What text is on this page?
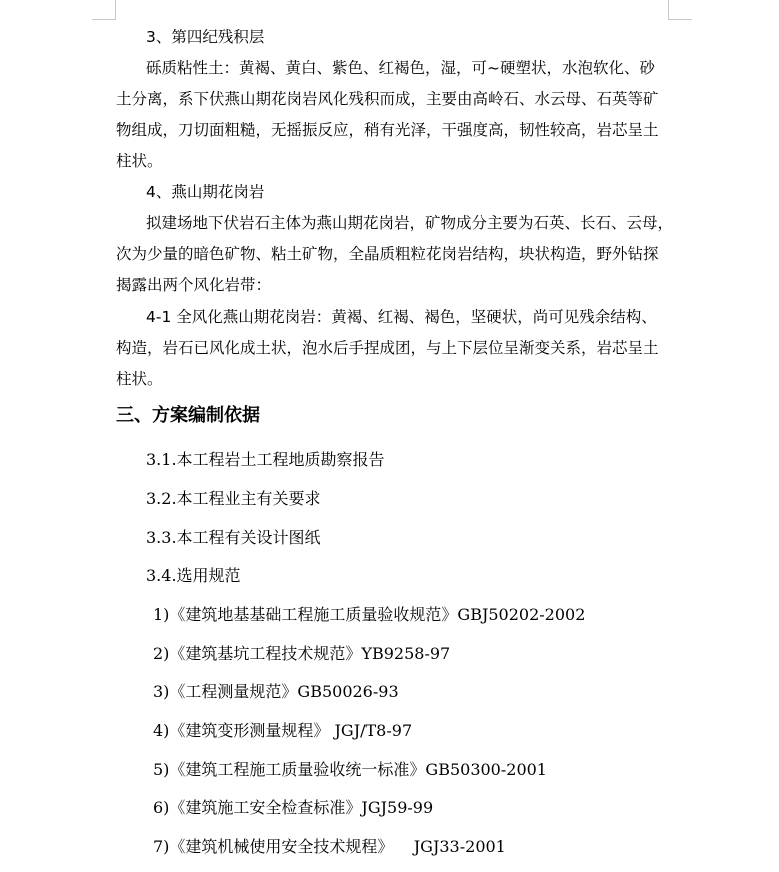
3、第四纪残积层
砾质粘性土：黄褐、黄白、紫色、红褐色，湿，可~硬塑状，水泡软化、砂
土分离，系下伏燕山期花岗岩风化残积而成，主要由高岭石、水云母、石英等矿
物组成，刀切面粗糙，无摇振反应，稍有光泽，干强度高，韧性较高，岩芯呈土
柱状。
4、燕山期花岗岩
拟建场地下伏岩石主体为燕山期花岗岩，矿物成分主要为石英、长石、云母，
次为少量的暗色矿物、粘土矿物，全晶质粗粒花岗岩结构，块状构造，野外钻探
揭露出两个风化岩带：
4-1 全风化燕山期花岗岩：黄褐、红褐、褐色，坚硬状，尚可见残余结构、
构造，岩石已风化成土状，泡水后手捏成团，与上下层位呈渐变关系，岩芯呈土
柱状。
三、方案编制依据
3.1.本工程岩土工程地质勘察报告
3.2.本工程业主有关要求
3.3.本工程有关设计图纸
3.4.选用规范
1)《建筑地基基础工程施工质量验收规范》GBJ50202-2002
2)《建筑基坑工程技术规范》YB9258-97
3)《工程测量规范》GB50026-93
4)《建筑变形测量规程》 JGJ/T8-97
5)《建筑工程施工质量验收统一标准》GB50300-2001
6)《建筑施工安全检查标准》JGJ59-99
7)《建筑机械使用安全技术规程》    JGJ33-2001
